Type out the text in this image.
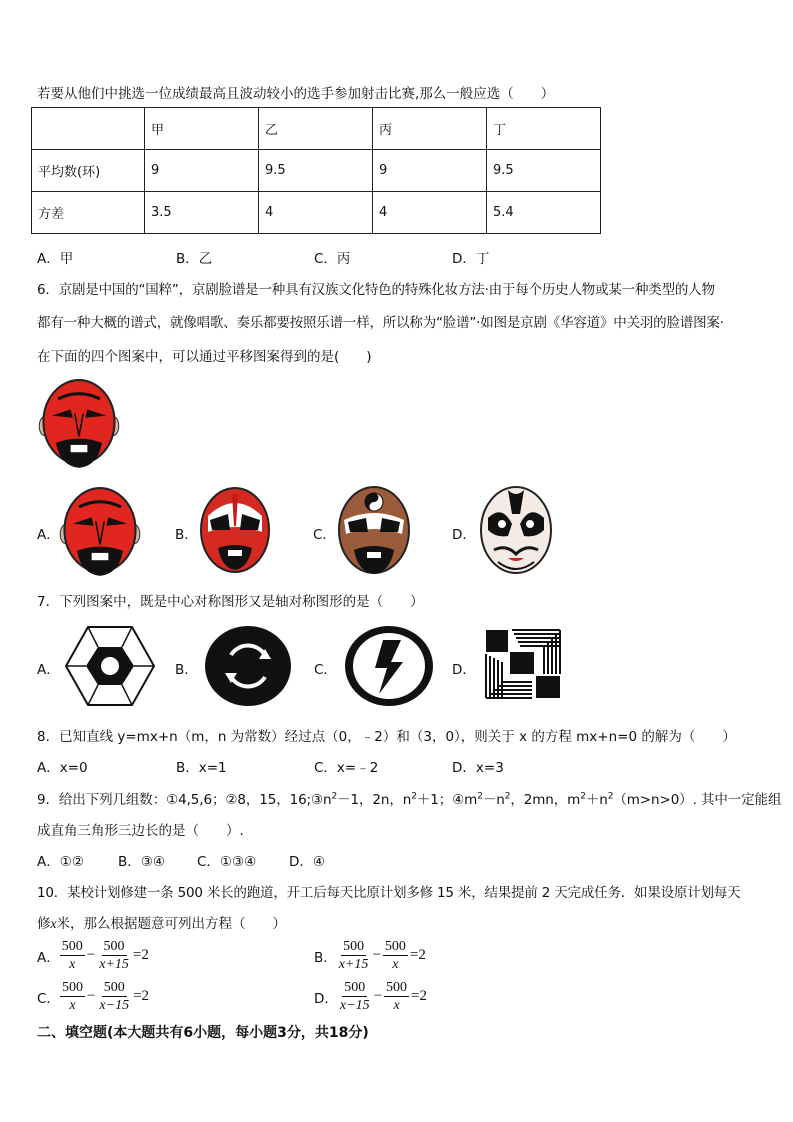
若要从他们中挑选一位成绩最高且波动较小的选手参加射击比赛,那么一般应选（　　）
	甲	乙	丙	丁
平均数(环)	9	9.5	9	9.5
方差	3.5	4	4	5.4
A．甲	B．乙	C．丙	D．丁
6．京剧是中国的“国粹”，京剧脸谱是一种具有汉族文化特色的特殊化妆方法·由于每个历史人物或某一种类型的人物
都有一种大概的谱式，就像唱歌、奏乐都要按照乐谱一样，所以称为“脸谱”·如图是京剧《华容道》中关羽的脸谱图案·
在下面的四个图案中，可以通过平移图案得到的是(　　)
A．	B．	C．	D．
7．下列图案中，既是中心对称图形又是轴对称图形的是（　　）
A．	B．	C．	D．
8．已知直线 y=mx+n（m，n 为常数）经过点（0，﹣2）和（3，0），则关于 x 的方程 mx+n=0 的解为（　　）
A．x=0	B．x=1	C．x=﹣2	D．x=3
9．给出下列几组数：①4,5,6；②8，15，$16;③n^2-1$，2n，$n^2+1$；$④m^2-n^2$，2mn，$m^2+n^2(m>n>0)$. 其中一定能组
成直角三角形三边长的是（　　）.
A．①②	B．③④ C．①③④ D．④
10．某校计划修建一条 500 米长的跑道，开工后每天比原计划多修 15 米，结果提前 2 天完成任务．如果设原计划每天
修x米，那么根据题意可列出方程（　　）
A． $\frac{500}{x} - \frac{500}{x+15} =2$	B． $\frac{500}{x+15} - \frac{500}{x} =2$
C． $\frac{500}{x} - \frac{500}{x-15} =2$	D． $\frac{500}{x-15} - \frac{500}{x} =2$
二、填空题(本大题共有6小题，每小题3分，共18分)
